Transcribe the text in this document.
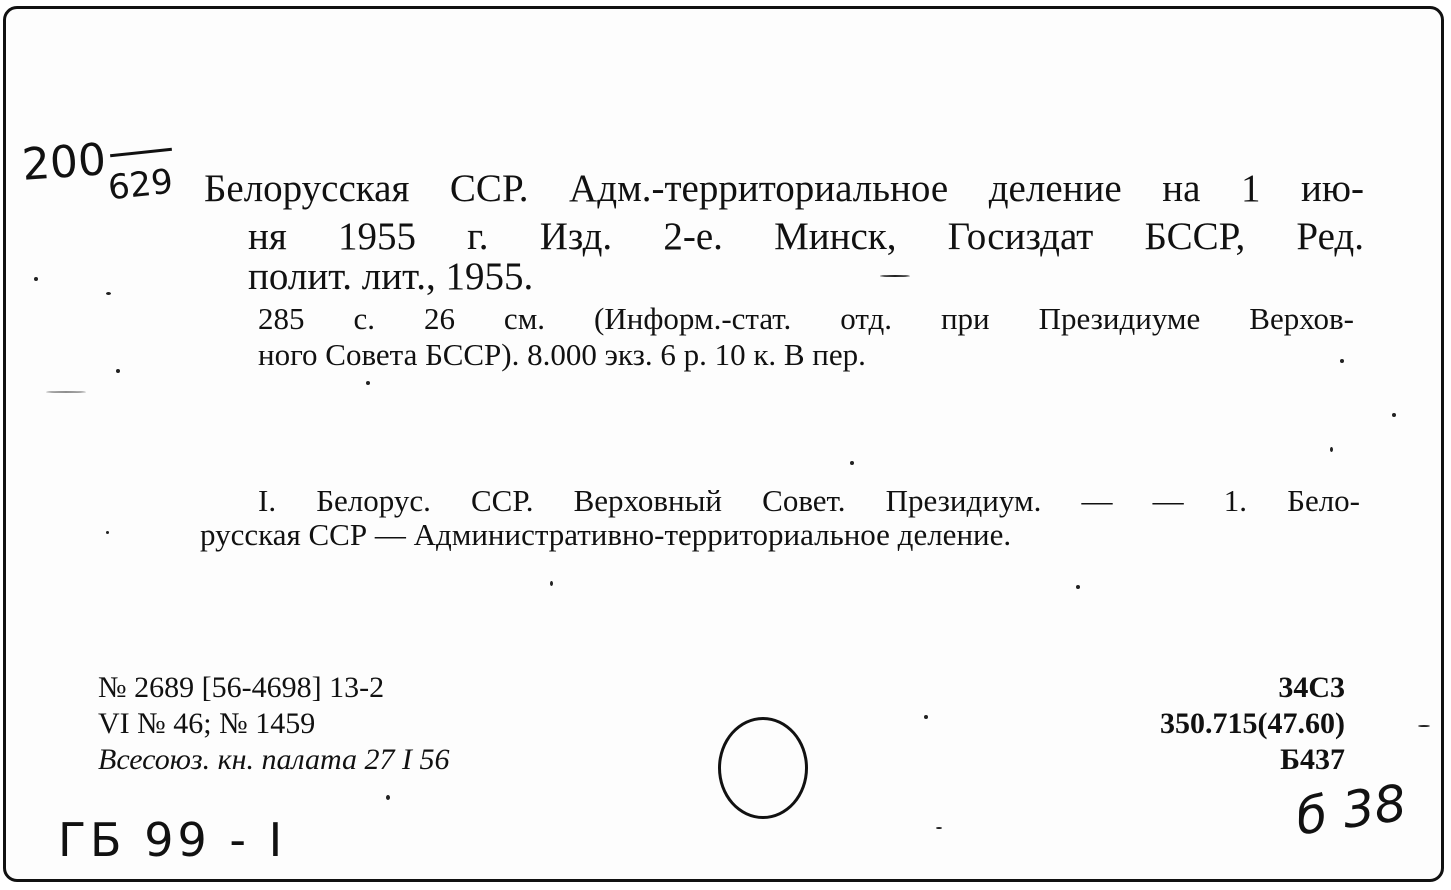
200
629 Белорусская ССР. Адм.-территориальное деление на 1 ию-
ня 1955 г. Изд. 2-е. Минск, Госиздат БССР, Ред.
полит. лит., 1955.
285 с. 26 см. (Информ.-стат. отд. при Президиуме Верхов-
ного Совета БССР). 8.000 экз. 6 р. 10 к. В пер.
I. Белорус. ССР. Верховный Совет. Президиум. — — 1. Бело-
русская ССР — Административно-территориальное деление.
№ 2689 [56-4698] 13-2
VI № 46; № 1459
Всесоюз. кн. палата 27 I 56
34С3
350.715(47.60)
Б437
ГБ 99 - I	б 38
